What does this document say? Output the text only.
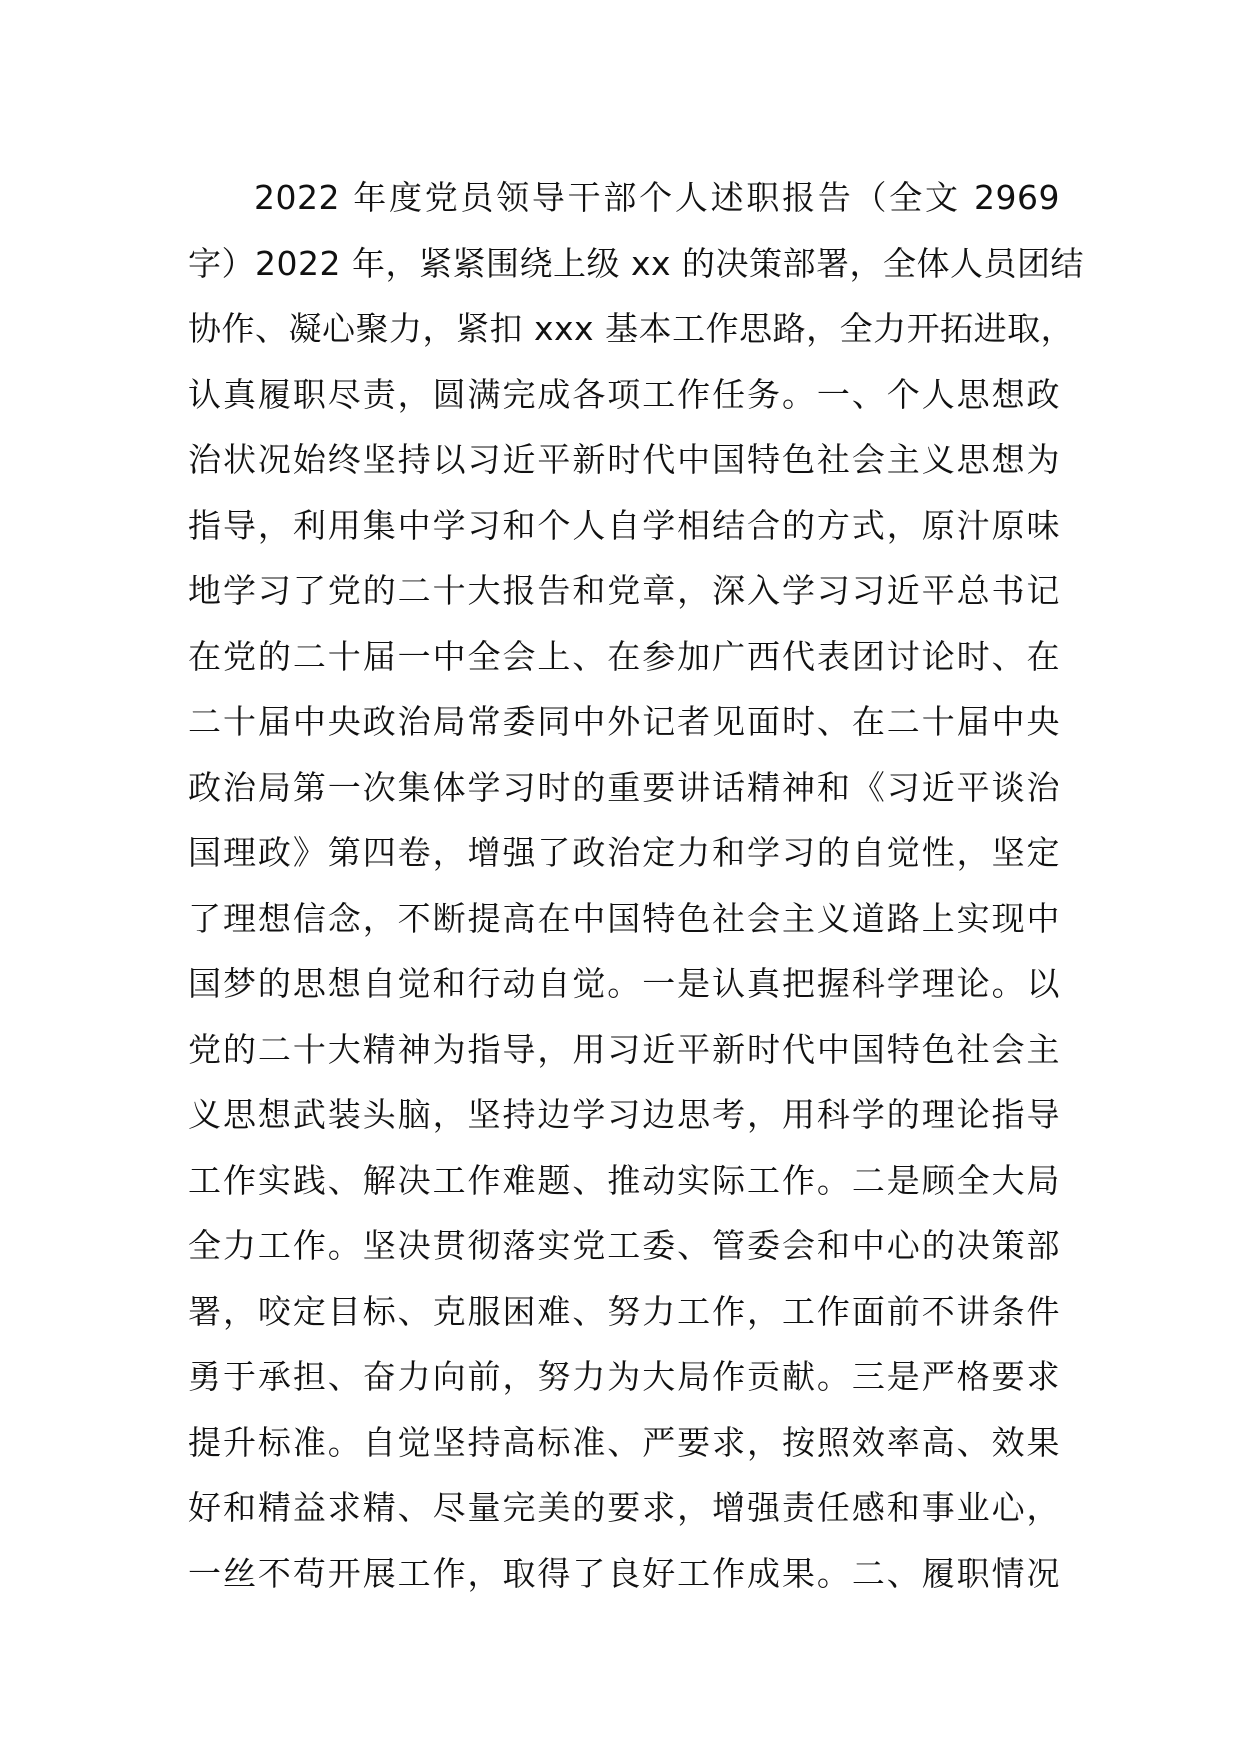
2022 年度党员领导干部个人述职报告（全文 2969
字）2022 年，紧紧围绕上级 xx 的决策部署，全体人员团结
协作、凝心聚力，紧扣 xxx 基本工作思路，全力开拓进取，
认真履职尽责，圆满完成各项工作任务。一、个人思想政
治状况始终坚持以习近平新时代中国特色社会主义思想为
指导，利用集中学习和个人自学相结合的方式，原汁原味
地学习了党的二十大报告和党章，深入学习习近平总书记
在党的二十届一中全会上、在参加广西代表团讨论时、在
二十届中央政治局常委同中外记者见面时、在二十届中央
政治局第一次集体学习时的重要讲话精神和《习近平谈治
国理政》第四卷，增强了政治定力和学习的自觉性，坚定
了理想信念，不断提高在中国特色社会主义道路上实现中
国梦的思想自觉和行动自觉。一是认真把握科学理论。以
党的二十大精神为指导，用习近平新时代中国特色社会主
义思想武装头脑，坚持边学习边思考，用科学的理论指导
工作实践、解决工作难题、推动实际工作。二是顾全大局
全力工作。坚决贯彻落实党工委、管委会和中心的决策部
署，咬定目标、克服困难、努力工作，工作面前不讲条件
勇于承担、奋力向前，努力为大局作贡献。三是严格要求
提升标准。自觉坚持高标准、严要求，按照效率高、效果
好和精益求精、尽量完美的要求，增强责任感和事业心，
一丝不苟开展工作，取得了良好工作成果。二、履职情况
